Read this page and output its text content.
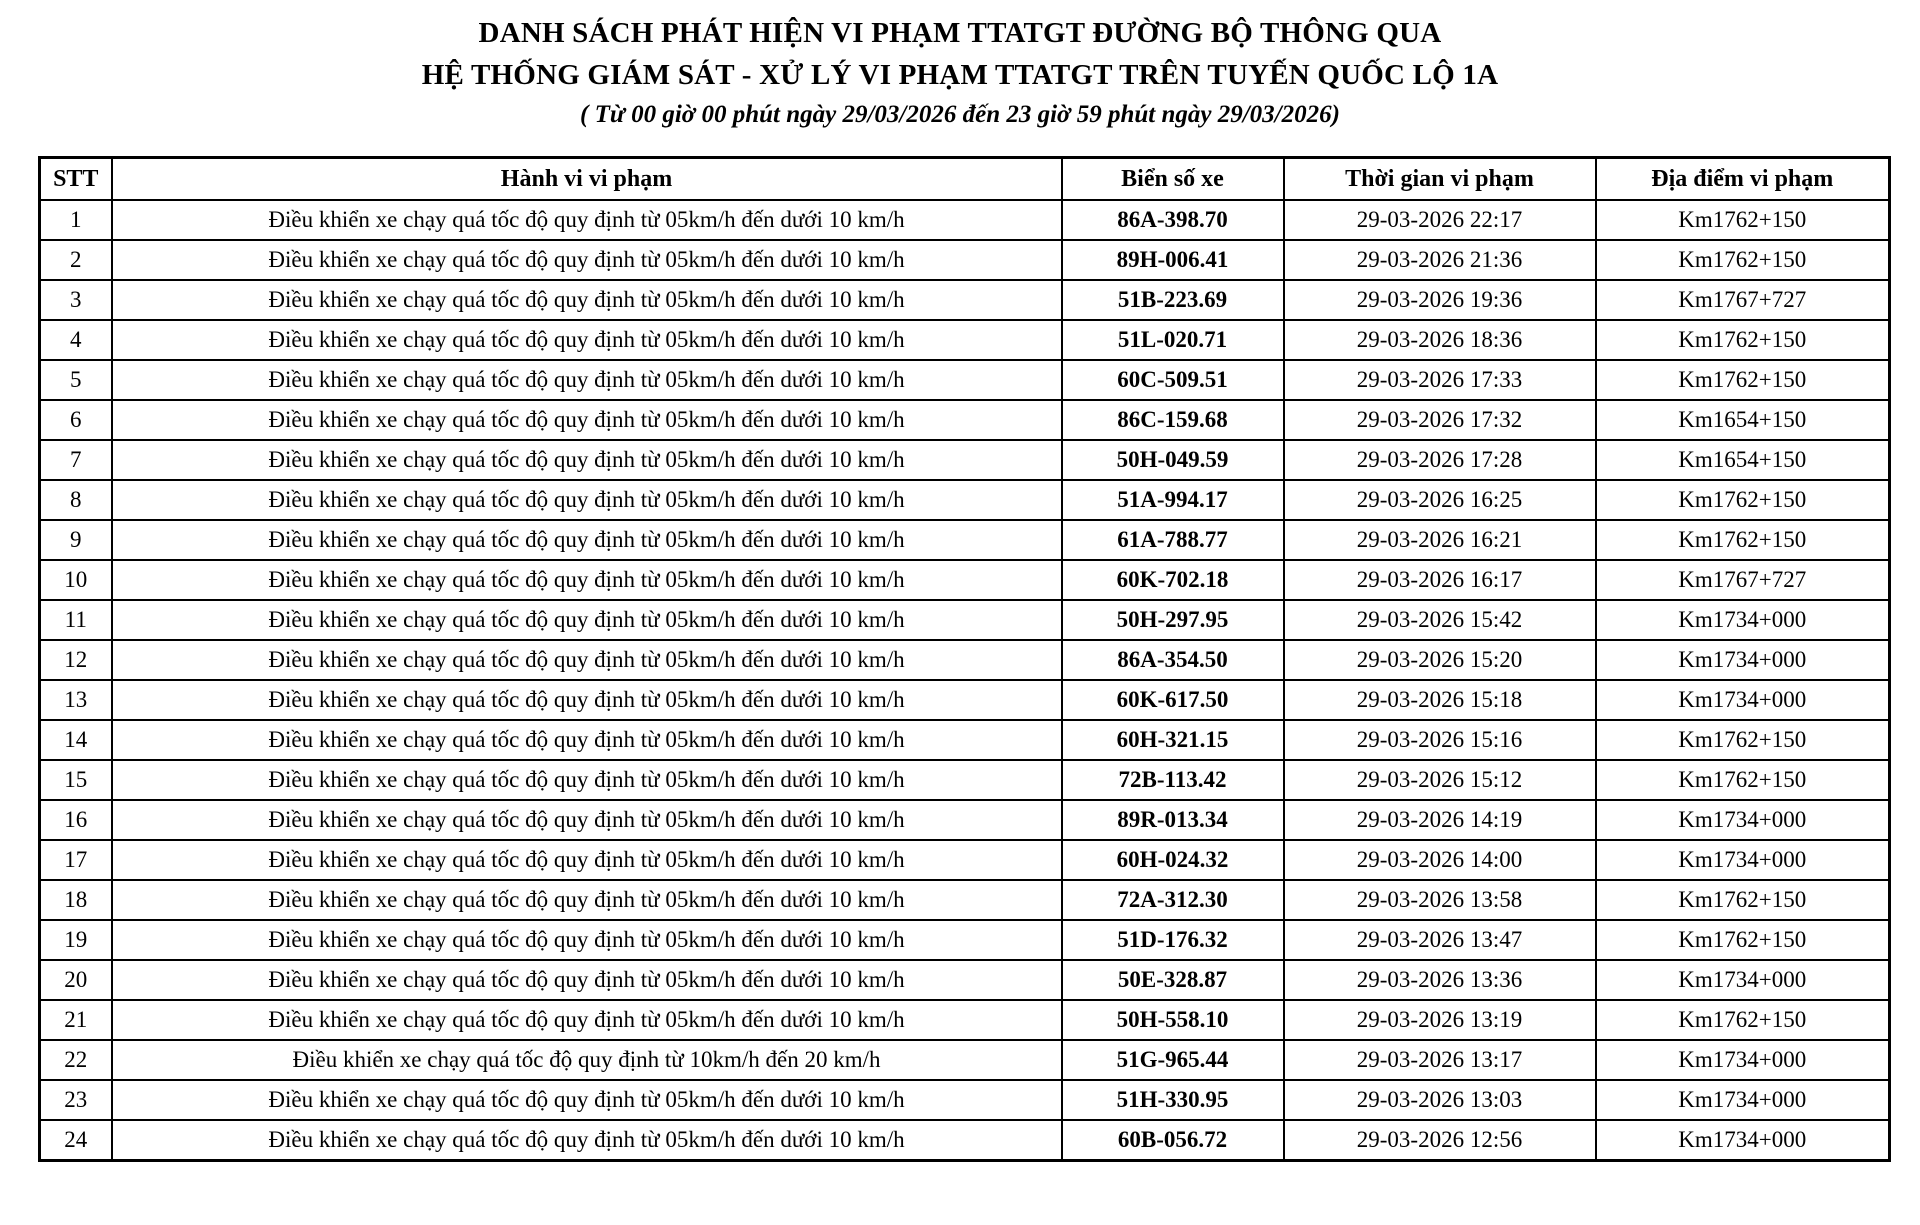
DANH SÁCH PHÁT HIỆN VI PHẠM TTATGT ĐƯỜNG BỘ THÔNG QUA
HỆ THỐNG GIÁM SÁT - XỬ LÝ VI PHẠM TTATGT TRÊN TUYẾN QUỐC LỘ 1A
( Từ 00 giờ 00 phút ngày 29/03/2026 đến 23 giờ 59 phút ngày 29/03/2026)
STT	Hành vi vi phạm	Biển số xe	Thời gian vi phạm	Địa điểm vi phạm
1	Điều khiển xe chạy quá tốc độ quy định từ 05km/h đến dưới 10 km/h	86A-398.70	29-03-2026 22:17	Km1762+150
2	Điều khiển xe chạy quá tốc độ quy định từ 05km/h đến dưới 10 km/h	89H-006.41	29-03-2026 21:36	Km1762+150
3	Điều khiển xe chạy quá tốc độ quy định từ 05km/h đến dưới 10 km/h	51B-223.69	29-03-2026 19:36	Km1767+727
4	Điều khiển xe chạy quá tốc độ quy định từ 05km/h đến dưới 10 km/h	51L-020.71	29-03-2026 18:36	Km1762+150
5	Điều khiển xe chạy quá tốc độ quy định từ 05km/h đến dưới 10 km/h	60C-509.51	29-03-2026 17:33	Km1762+150
6	Điều khiển xe chạy quá tốc độ quy định từ 05km/h đến dưới 10 km/h	86C-159.68	29-03-2026 17:32	Km1654+150
7	Điều khiển xe chạy quá tốc độ quy định từ 05km/h đến dưới 10 km/h	50H-049.59	29-03-2026 17:28	Km1654+150
8	Điều khiển xe chạy quá tốc độ quy định từ 05km/h đến dưới 10 km/h	51A-994.17	29-03-2026 16:25	Km1762+150
9	Điều khiển xe chạy quá tốc độ quy định từ 05km/h đến dưới 10 km/h	61A-788.77	29-03-2026 16:21	Km1762+150
10	Điều khiển xe chạy quá tốc độ quy định từ 05km/h đến dưới 10 km/h	60K-702.18	29-03-2026 16:17	Km1767+727
11	Điều khiển xe chạy quá tốc độ quy định từ 05km/h đến dưới 10 km/h	50H-297.95	29-03-2026 15:42	Km1734+000
12	Điều khiển xe chạy quá tốc độ quy định từ 05km/h đến dưới 10 km/h	86A-354.50	29-03-2026 15:20	Km1734+000
13	Điều khiển xe chạy quá tốc độ quy định từ 05km/h đến dưới 10 km/h	60K-617.50	29-03-2026 15:18	Km1734+000
14	Điều khiển xe chạy quá tốc độ quy định từ 05km/h đến dưới 10 km/h	60H-321.15	29-03-2026 15:16	Km1762+150
15	Điều khiển xe chạy quá tốc độ quy định từ 05km/h đến dưới 10 km/h	72B-113.42	29-03-2026 15:12	Km1762+150
16	Điều khiển xe chạy quá tốc độ quy định từ 05km/h đến dưới 10 km/h	89R-013.34	29-03-2026 14:19	Km1734+000
17	Điều khiển xe chạy quá tốc độ quy định từ 05km/h đến dưới 10 km/h	60H-024.32	29-03-2026 14:00	Km1734+000
18	Điều khiển xe chạy quá tốc độ quy định từ 05km/h đến dưới 10 km/h	72A-312.30	29-03-2026 13:58	Km1762+150
19	Điều khiển xe chạy quá tốc độ quy định từ 05km/h đến dưới 10 km/h	51D-176.32	29-03-2026 13:47	Km1762+150
20	Điều khiển xe chạy quá tốc độ quy định từ 05km/h đến dưới 10 km/h	50E-328.87	29-03-2026 13:36	Km1734+000
21	Điều khiển xe chạy quá tốc độ quy định từ 05km/h đến dưới 10 km/h	50H-558.10	29-03-2026 13:19	Km1762+150
22	Điều khiển xe chạy quá tốc độ quy định từ 10km/h đến 20 km/h	51G-965.44	29-03-2026 13:17	Km1734+000
23	Điều khiển xe chạy quá tốc độ quy định từ 05km/h đến dưới 10 km/h	51H-330.95	29-03-2026 13:03	Km1734+000
24	Điều khiển xe chạy quá tốc độ quy định từ 05km/h đến dưới 10 km/h	60B-056.72	29-03-2026 12:56	Km1734+000
